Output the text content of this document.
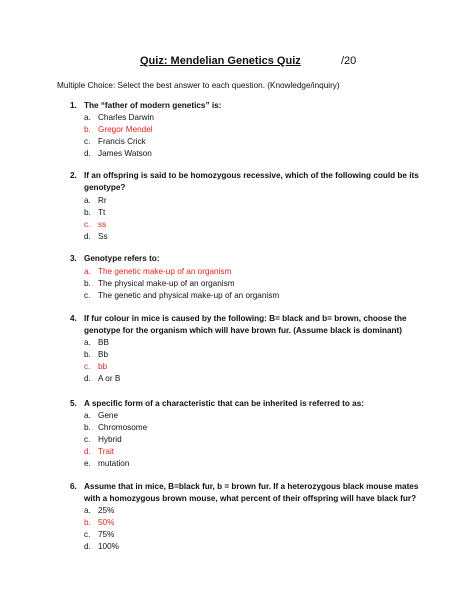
Quiz: Mendelian Genetics Quiz	/20
Multiple Choice: Select the best answer to each question. (Knowledge/inquiry)
1. The “father of modern genetics” is:
a. Charles Darwin
b. Gregor Mendel
c. Francis Crick
d. James Watson
2. If an offspring is said to be homozygous recessive, which of the following could be its genotype?
a. Rr
b. Tt
c. ss
d. Ss
3. Genotype refers to:
a. The genetic make-up of an organism
b. The physical make-up of an organism
c. The genetic and physical make-up of an organism
4. If fur colour in mice is caused by the following: B= black and b= brown, choose the genotype for the organism which will have brown fur. (Assume black is dominant)
a. BB
b. Bb
c. bb
d. A or B
5. A specific form of a characteristic that can be inherited is referred to as:
a. Gene
b. Chromosome
c. Hybrid
d. Trait
e. mutation
6. Assume that in mice, B=black fur, b = brown fur. If a heterozygous black mouse mates with a homozygous brown mouse, what percent of their offspring will have black fur?
a. 25%
b. 50%
c. 75%
d. 100%
